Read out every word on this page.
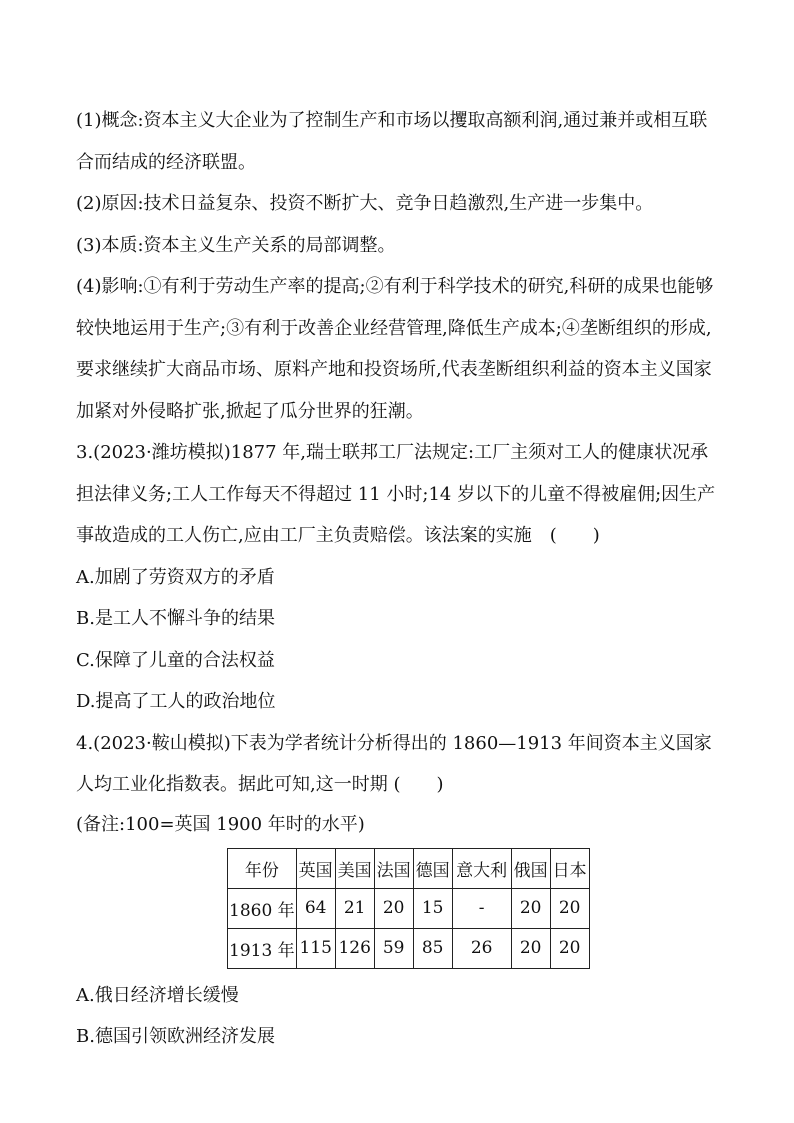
(1)概念:资本主义大企业为了控制生产和市场以攫取高额利润,通过兼并或相互联合而结成的经济联盟。

(2)原因:技术日益复杂、投资不断扩大、竞争日趋激烈,生产进一步集中。

(3)本质:资本主义生产关系的局部调整。

(4)影响:①有利于劳动生产率的提高;②有利于科学技术的研究,科研的成果也能够较快地运用于生产;③有利于改善企业经营管理,降低生产成本;④垄断组织的形成,要求继续扩大商品市场、原料产地和投资场所,代表垄断组织利益的资本主义国家加紧对外侵略扩张,掀起了瓜分世界的狂潮。

3.(2023·潍坊模拟)1877 年,瑞士联邦工厂法规定:工厂主须对工人的健康状况承担法律义务;工人工作每天不得超过 11 小时;14 岁以下的儿童不得被雇佣;因生产事故造成的工人伤亡,应由工厂主负责赔偿。该法案的实施　(　　)

A.加剧了劳资双方的矛盾

B.是工人不懈斗争的结果

C.保障了儿童的合法权益

D.提高了工人的政治地位

4.(2023·鞍山模拟)下表为学者统计分析得出的 1860—1913 年间资本主义国家人均工业化指数表。据此可知,这一时期 (　　)

(备注:100=英国 1900 年时的水平)

年份	英国	美国	法国	德国	意大利	俄国	日本
1860 年	64	21	20	15	-	20	20
1913 年	115	126	59	85	26	20	20

A.俄日经济增长缓慢

B.德国引领欧洲经济发展
